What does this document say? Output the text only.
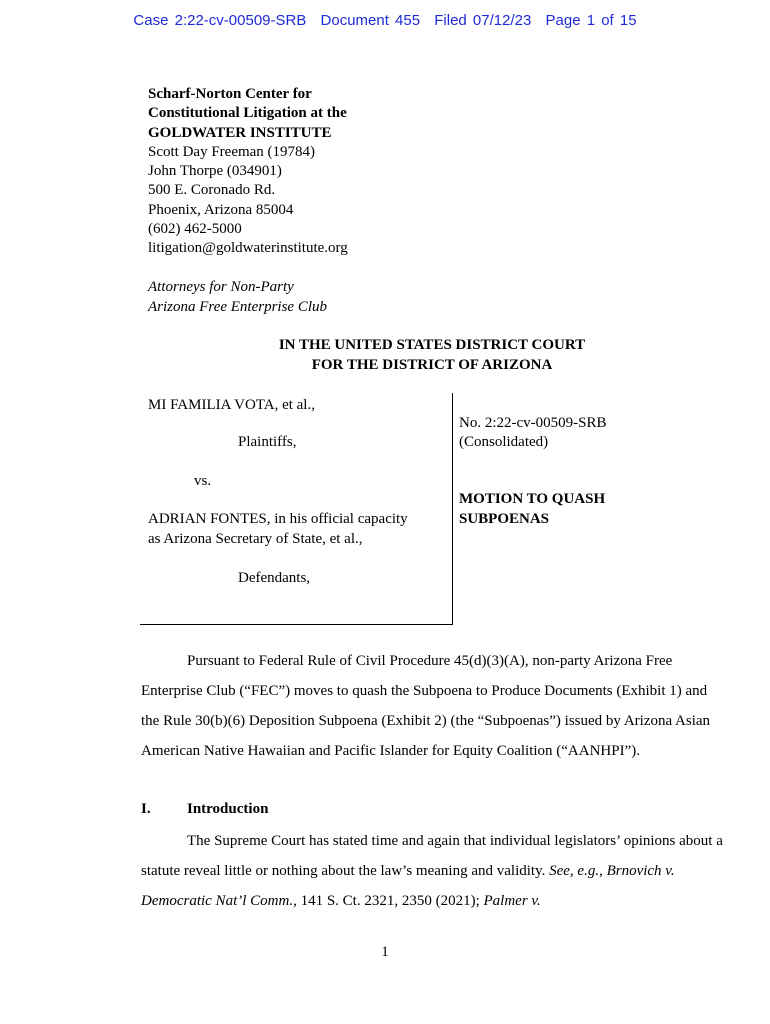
Case 2:22-cv-00509-SRB Document 455 Filed 07/12/23 Page 1 of 15
Scharf-Norton Center for
Constitutional Litigation at the
GOLDWATER INSTITUTE
Scott Day Freeman (19784)
John Thorpe (034901)
500 E. Coronado Rd.
Phoenix, Arizona 85004
(602) 462-5000
litigation@goldwaterinstitute.org
Attorneys for Non-Party
Arizona Free Enterprise Club
IN THE UNITED STATES DISTRICT COURT
FOR THE DISTRICT OF ARIZONA
MI FAMILIA VOTA, et al.,
Plaintiffs,
vs.
ADRIAN FONTES, in his official capacity
as Arizona Secretary of State, et al.,
Defendants,
No. 2:22-cv-00509-SRB
(Consolidated)
MOTION TO QUASH
SUBPOENAS
Pursuant to Federal Rule of Civil Procedure 45(d)(3)(A), non-party Arizona Free Enterprise Club (“FEC”) moves to quash the Subpoena to Produce Documents (Exhibit 1) and the Rule 30(b)(6) Deposition Subpoena (Exhibit 2) (the “Subpoenas”) issued by Arizona Asian American Native Hawaiian and Pacific Islander for Equity Coalition (“AANHPI”).
I. Introduction
The Supreme Court has stated time and again that individual legislators’ opinions about a statute reveal little or nothing about the law’s meaning and validity. See, e.g., Brnovich v. Democratic Nat’l Comm., 141 S. Ct. 2321, 2350 (2021); Palmer v.
1
